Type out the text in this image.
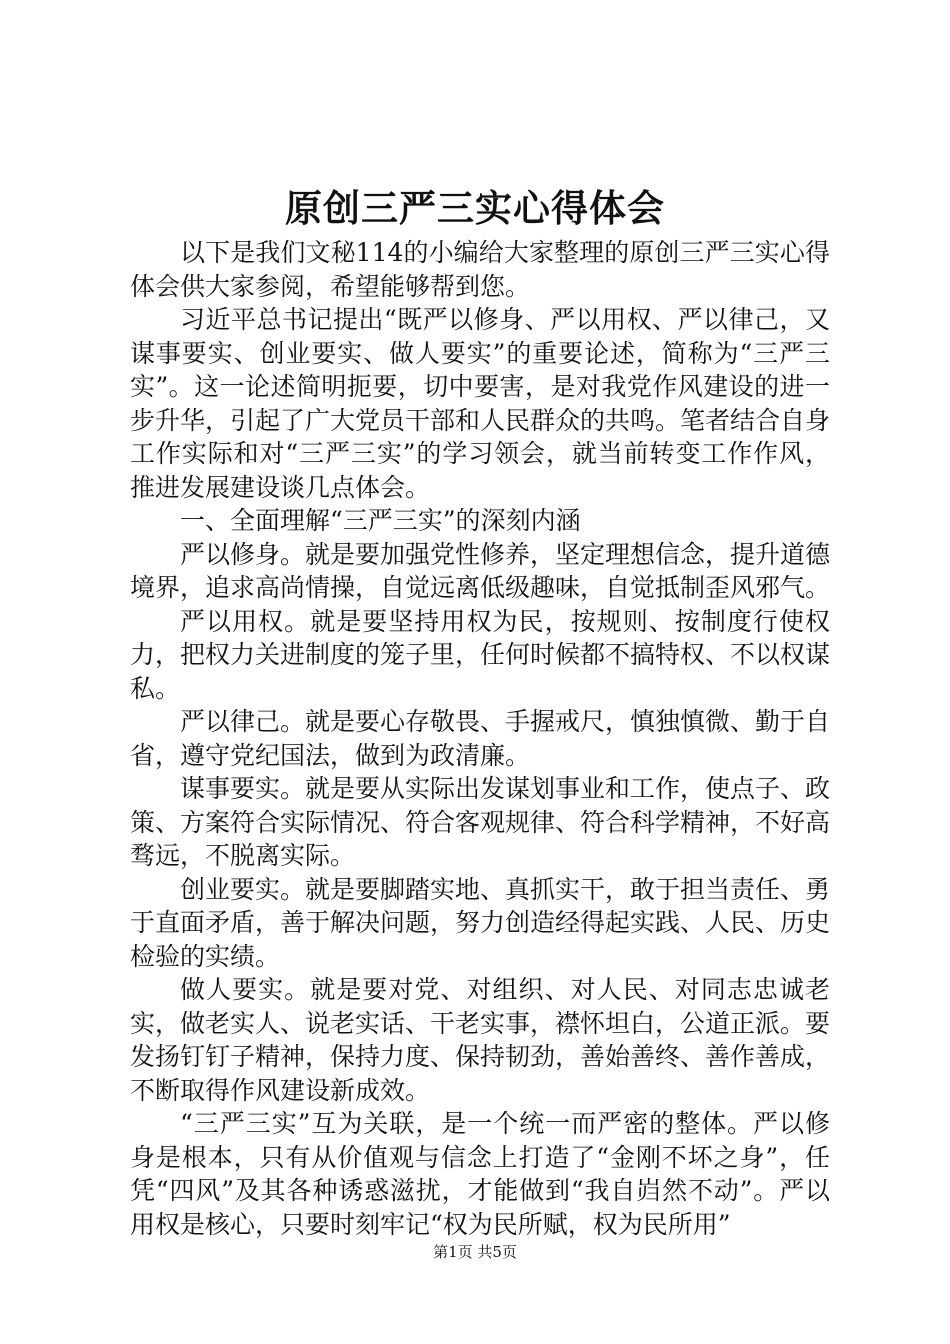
原创三严三实心得体会

以下是我们文秘114的小编给大家整理的原创三严三实心得体会供大家参阅，希望能够帮到您。

习近平总书记提出“既严以修身、严以用权、严以律己，又谋事要实、创业要实、做人要实”的重要论述，简称为“三严三实”。这一论述简明扼要，切中要害，是对我党作风建设的进一步升华，引起了广大党员干部和人民群众的共鸣。笔者结合自身工作实际和对“三严三实”的学习领会，就当前转变工作作风，推进发展建设谈几点体会。

一、全面理解“三严三实”的深刻内涵

严以修身。就是要加强党性修养，坚定理想信念，提升道德境界，追求高尚情操，自觉远离低级趣味，自觉抵制歪风邪气。

严以用权。就是要坚持用权为民，按规则、按制度行使权力，把权力关进制度的笼子里，任何时候都不搞特权、不以权谋私。

严以律己。就是要心存敬畏、手握戒尺，慎独慎微、勤于自省，遵守党纪国法，做到为政清廉。

谋事要实。就是要从实际出发谋划事业和工作，使点子、政策、方案符合实际情况、符合客观规律、符合科学精神，不好高骛远，不脱离实际。

创业要实。就是要脚踏实地、真抓实干，敢于担当责任、勇于直面矛盾，善于解决问题，努力创造经得起实践、人民、历史检验的实绩。

做人要实。就是要对党、对组织、对人民、对同志忠诚老实，做老实人、说老实话、干老实事，襟怀坦白，公道正派。要发扬钉钉子精神，保持力度、保持韧劲，善始善终、善作善成，不断取得作风建设新成效。

“三严三实”互为关联，是一个统一而严密的整体。严以修身是根本，只有从价值观与信念上打造了“金刚不坏之身”，任凭“四风”及其各种诱惑滋扰，才能做到“我自岿然不动”。严以用权是核心，只要时刻牢记“权为民所赋，权为民所用”

第1页 共5页
